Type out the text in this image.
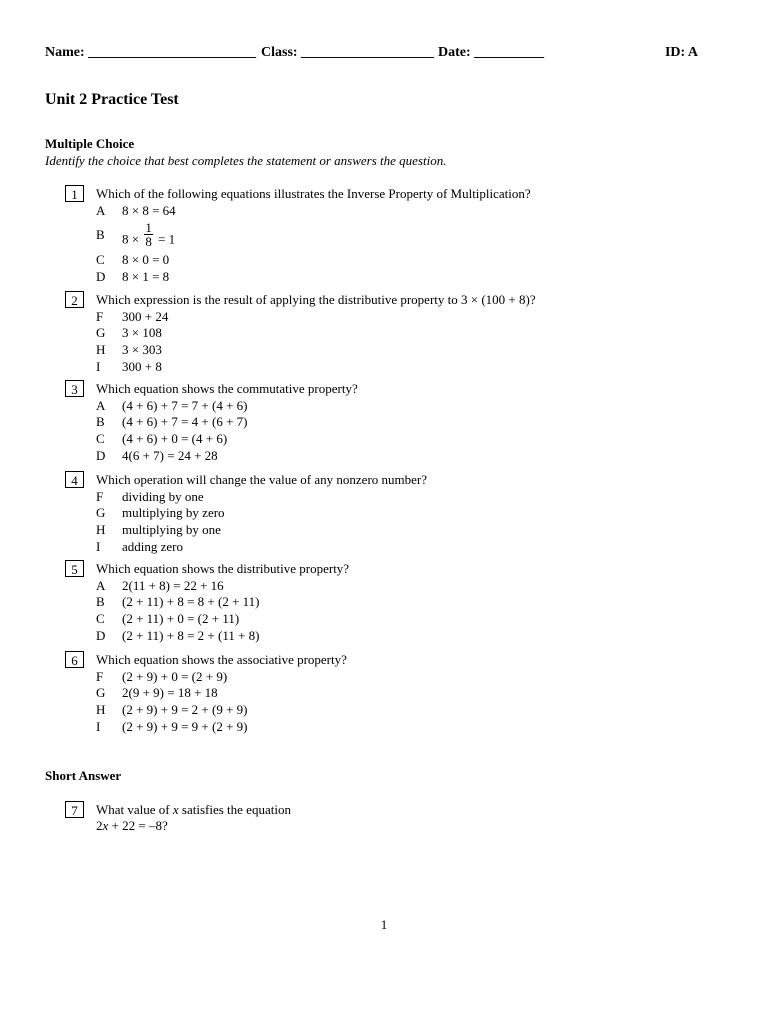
Name: ________________________ Class: ___________________ Date: __________	ID: A
Unit 2 Practice Test
Multiple Choice
Identify the choice that best completes the statement or answers the question.
1	Which of the following equations illustrates the Inverse Property of Multiplication?
A	8 × 8 = 64
B	$8 \times \frac{1}{8} = 1$
C	8 × 0 = 0
D	8 × 1 = 8
2	Which expression is the result of applying the distributive property to 3 × (100 + 8)?
F	300 + 24
G	3 × 108
H	3 × 303
I	300 + 8
3	Which equation shows the commutative property?
A	(4 + 6) + 7 = 7 + (4 + 6)
B	(4 + 6) + 7 = 4 + (6 + 7)
C	(4 + 6) + 0 = (4 + 6)
D	4(6 + 7) = 24 + 28
4	Which operation will change the value of any nonzero number?
F	dividing by one
G	multiplying by zero
H	multiplying by one
I	adding zero
5	Which equation shows the distributive property?
A	2(11 + 8) = 22 + 16
B	(2 + 11) + 8 = 8 + (2 + 11)
C	(2 + 11) + 0 = (2 + 11)
D	(2 + 11) + 8 = 2 + (11 + 8)
6	Which equation shows the associative property?
F	(2 + 9) + 0 = (2 + 9)
G	2(9 + 9) = 18 + 18
H	(2 + 9) + 9 = 2 + (9 + 9)
I	(2 + 9) + 9 = 9 + (2 + 9)
Short Answer
7	What value of x satisfies the equation
2x + 22 = –8?
1
